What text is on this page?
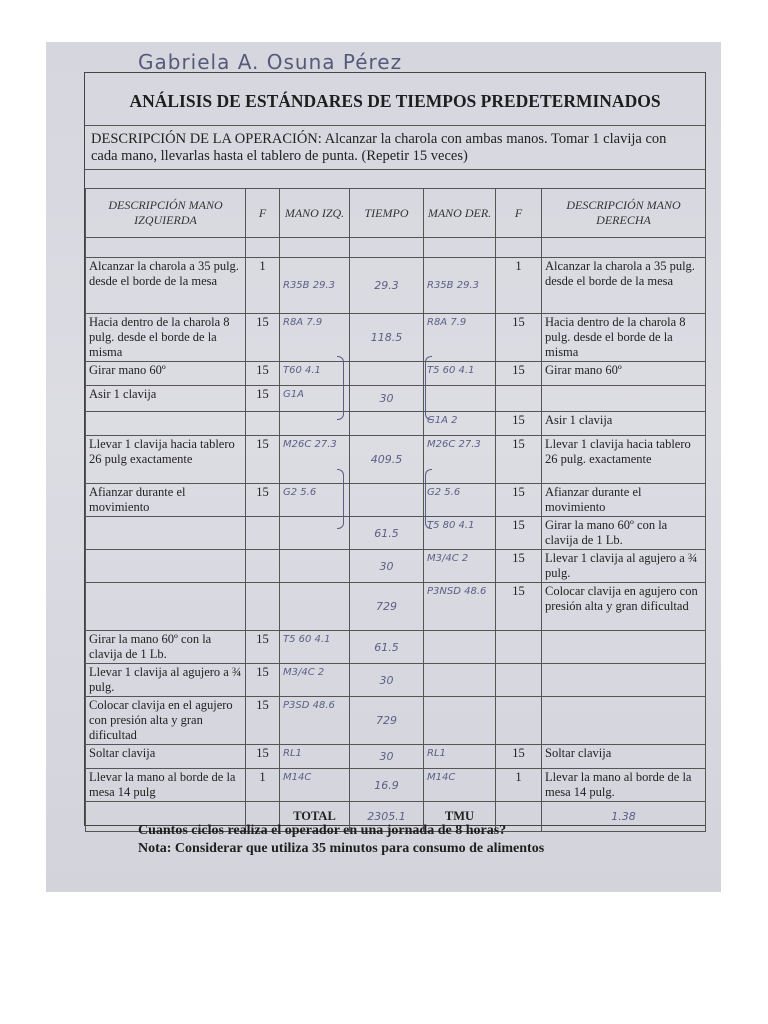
Gabriela A. Osuna Pérez
ANÁLISIS DE ESTÁNDARES DE TIEMPOS PREDETERMINADOS
DESCRIPCIÓN DE LA OPERACIÓN: Alcanzar la charola con ambas manos. Tomar 1 clavija con cada mano, llevarlas hasta el tablero de punta. (Repetir 15 veces)
DESCRIPCIÓN MANO IZQUIERDA	F	MANO IZQ.	TIEMPO	MANO DER.	F	DESCRIPCIÓN MANO DERECHA

Alcanzar la charola a 35 pulg. desde el borde de la mesa	1	R35B 29.3	29.3	R35B 29.3	1	Alcanzar la charola a 35 pulg. desde el borde de la mesa
Hacia dentro de la charola 8 pulg. desde el borde de la misma	15	R8A 7.9	118.5	R8A 7.9	15	Hacia dentro de la charola 8 pulg. desde el borde de la misma
Girar mano 60º	15	T60 4.1		T5 60 4.1	15	Girar mano 60º
Asir 1 clavija	15	G1A	30			
				G1A 2	15	Asir 1 clavija
Llevar 1 clavija hacia tablero 26 pulg exactamente	15	M26C 27.3	409.5	M26C 27.3	15	Llevar 1 clavija hacia tablero 26 pulg. exactamente
Afianzar durante el movimiento	15	G2 5.6		G2 5.6	15	Afianzar durante el movimiento
			61.5	T5 80 4.1	15	Girar la mano 60º con la clavija de 1 Lb.
			30	M3/4C 2	15	Llevar 1 clavija al agujero a ¾ pulg.
			729	P3NSD 48.6	15	Colocar clavija en agujero con presión alta y gran dificultad
Girar la mano 60º con la clavija de 1 Lb.	15	T5 60 4.1	61.5			
Llevar 1 clavija al agujero a ¾ pulg.	15	M3/4C 2	30			
Colocar clavija en el agujero con presión alta y gran dificultad	15	P3SD 48.6	729			
Soltar clavija	15	RL1	30	RL1	15	Soltar clavija
Llevar la mano al borde de la mesa 14 pulg	1	M14C	16.9	M14C	1	Llevar la mano al borde de la mesa 14 pulg.
		TOTAL	2305.1	TMU		1.38
Cuantos ciclos realiza el operador en una jornada de 8 horas?
Nota: Considerar que utiliza 35 minutos para consumo de alimentos
